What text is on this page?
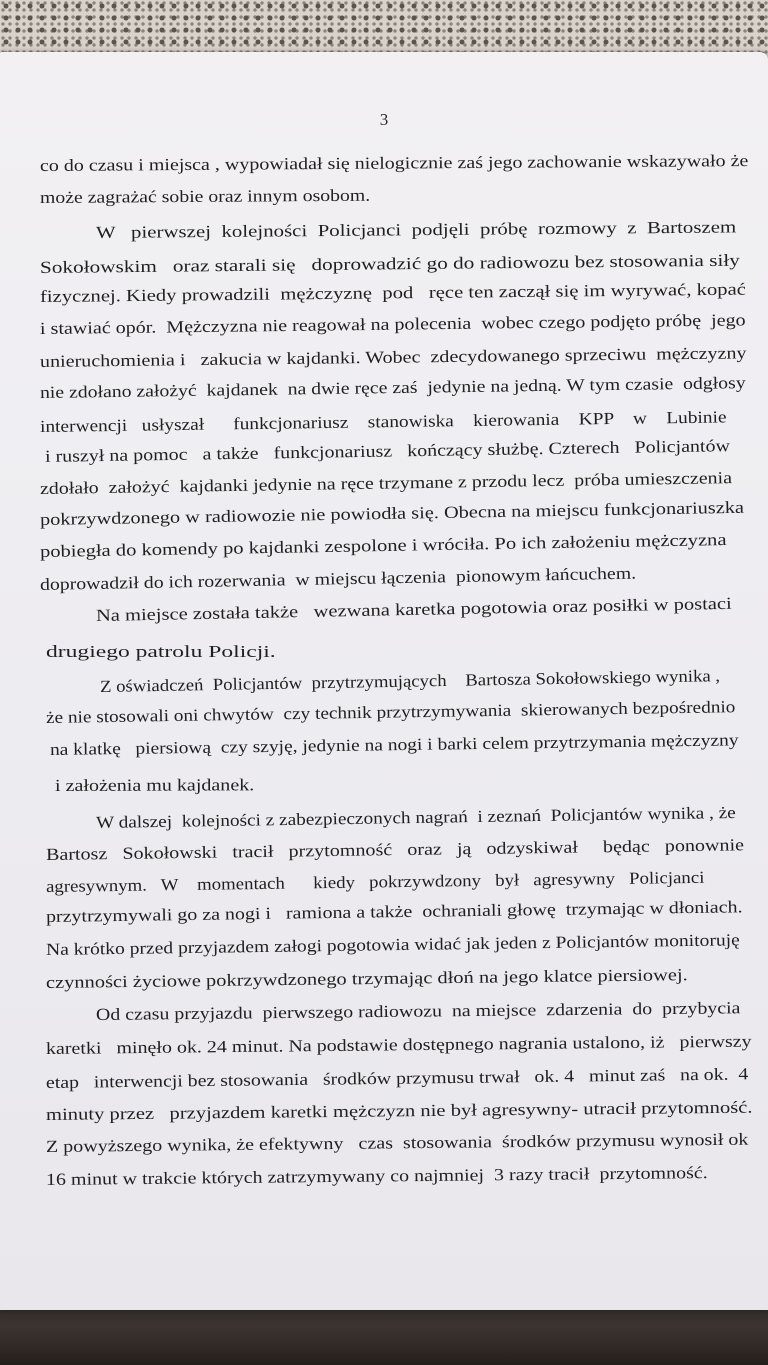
3
co do czasu i miejsca , wypowiadał się nielogicznie zaś jego zachowanie wskazywało że
może zagrażać sobie oraz innym osobom.
W   pierwszej  kolejności  Policjanci  podjęli  próbę  rozmowy  z  Bartoszem
Sokołowskim   oraz starali się   doprowadzić go do radiowozu bez stosowania siły
fizycznej. Kiedy prowadzili  mężczyznę  pod   ręce ten zaczął się im wyrywać, kopać
i stawiać opór.  Mężczyzna nie reagował na polecenia  wobec czego podjęto próbę  jego
unieruchomienia i   zakucia w kajdanki. Wobec  zdecydowanego sprzeciwu  mężczyzny
nie zdołano założyć  kajdanek  na dwie ręce zaś  jedynie na jedną. W tym czasie  odgłosy
interwencji   usłyszał      funkcjonariusz    stanowiska    kierowania    KPP    w    Lubinie
i ruszył na pomoc   a także   funkcjonariusz   kończący służbę. Czterech   Policjantów
zdołało  założyć  kajdanki jedynie na ręce trzymane z przodu lecz  próba umieszczenia
pokrzywdzonego w radiowozie nie powiodła się. Obecna na miejscu funkcjonariuszka
pobiegła do komendy po kajdanki zespolone i wróciła. Po ich założeniu mężczyzna
doprowadził do ich rozerwania  w miejscu łączenia  pionowym łańcuchem.
Na miejsce została także   wezwana karetka pogotowia oraz posiłki w postaci
drugiego patrolu Policji.
Z oświadczeń  Policjantów  przytrzymujących    Bartosza Sokołowskiego wynika ,
że nie stosowali oni chwytów  czy technik przytrzymywania  skierowanych bezpośrednio
na klatkę   piersiową  czy szyję, jedynie na nogi i barki celem przytrzymania mężczyzny
i założenia mu kajdanek.
W dalszej  kolejności z zabezpieczonych nagrań  i zeznań  Policjantów wynika , że
Bartosz   Sokołowski   tracił   przytomność   oraz   ją   odzyskiwał     będąc   ponownie
agresywnym.   W    momentach      kiedy   pokrzywdzony   był   agresywny   Policjanci
przytrzymywali go za nogi i   ramiona a także  ochraniali głowę  trzymając w dłoniach.
Na krótko przed przyjazdem załogi pogotowia widać jak jeden z Policjantów monitoruję
czynności życiowe pokrzywdzonego trzymając dłoń na jego klatce piersiowej.
Od czasu przyjazdu  pierwszego radiowozu  na miejsce  zdarzenia  do  przybycia
karetki   minęło ok. 24 minut. Na podstawie dostępnego nagrania ustalono, iż   pierwszy
etap   interwencji bez stosowania   środków przymusu trwał   ok. 4   minut zaś   na ok.  4
minuty przez   przyjazdem karetki mężczyzn nie był agresywny- utracił przytomność.
Z powyższego wynika, że efektywny   czas  stosowania  środków przymusu wynosił ok
16 minut w trakcie których zatrzymywany co najmniej  3 razy tracił  przytomność.
